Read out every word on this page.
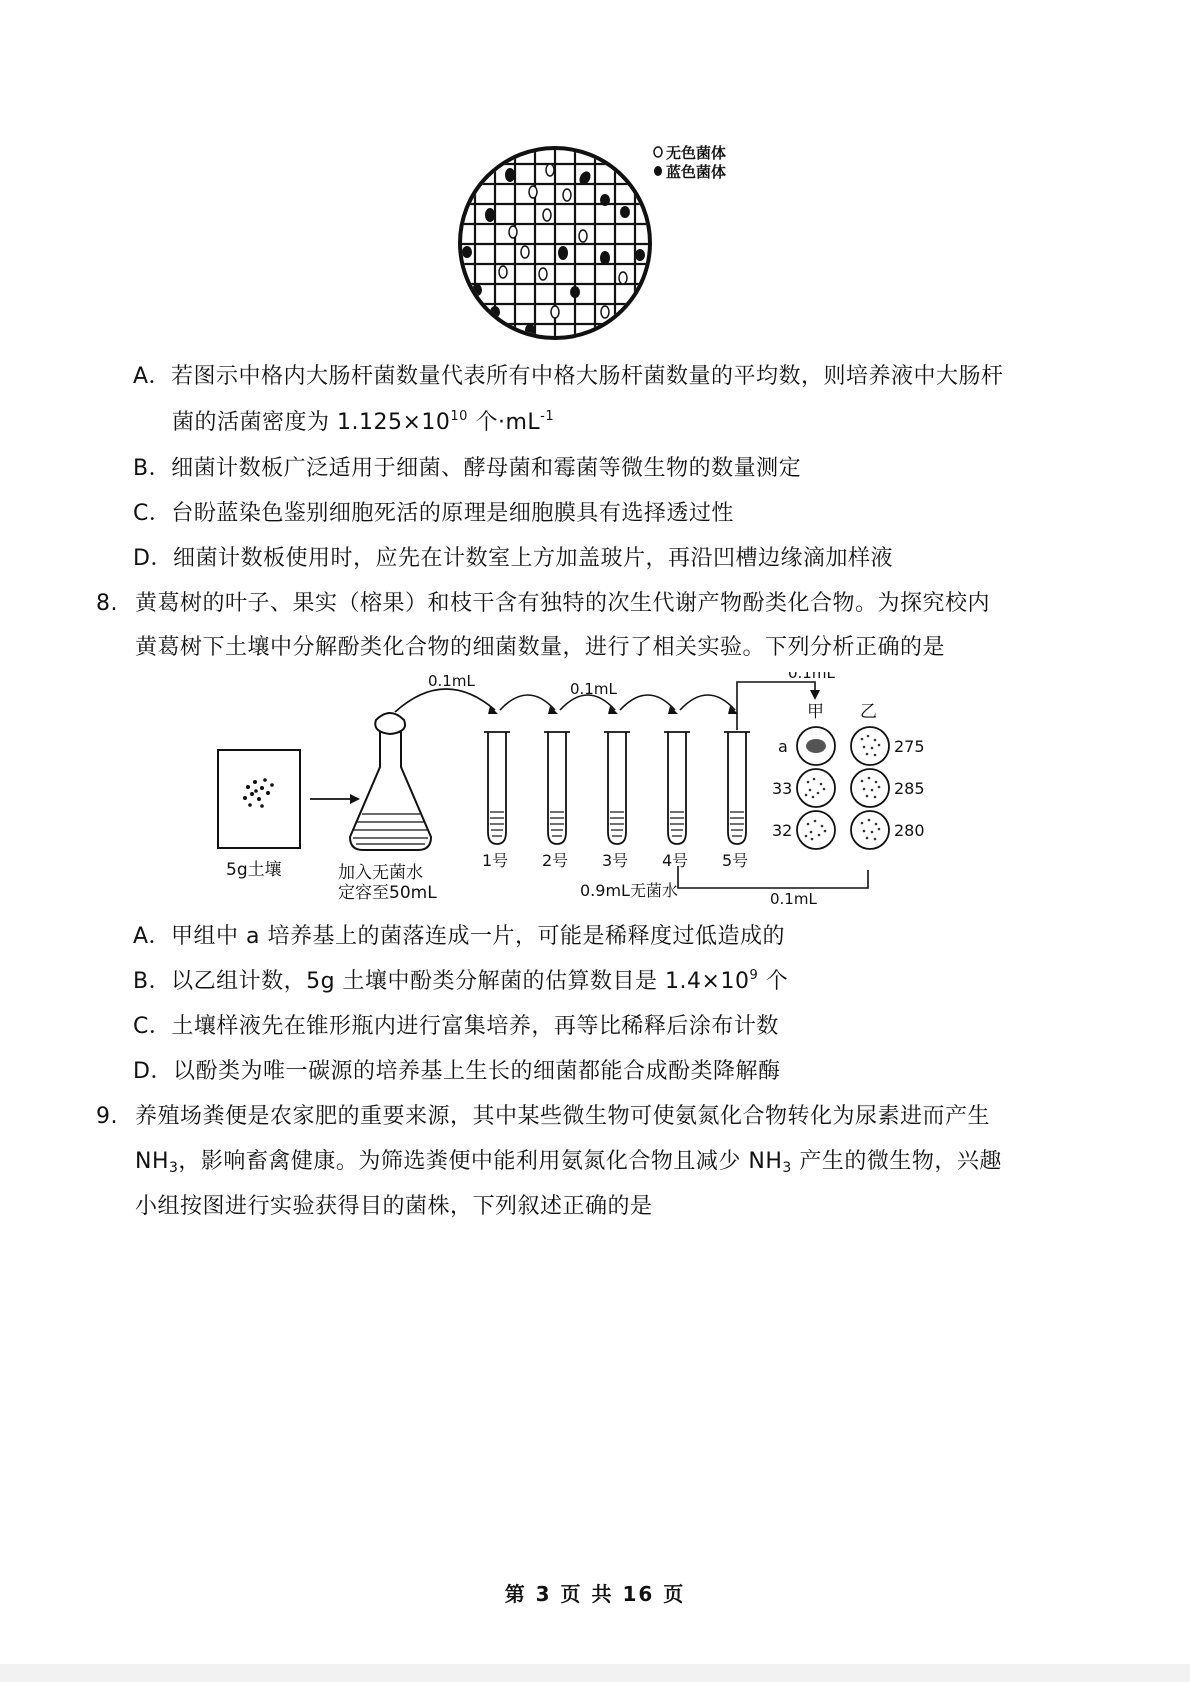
无色菌体
蓝色菌体
A．若图示中格内大肠杆菌数量代表所有中格大肠杆菌数量的平均数，则培养液中大肠杆
菌的活菌密度为 $1.125\times 10^{10}$ 个$\cdot mL^{-1}$
B．细菌计数板广泛适用于细菌、酵母菌和霉菌等微生物的数量测定
C．台盼蓝染色鉴别细胞死活的原理是细胞膜具有选择透过性
D．细菌计数板使用时，应先在计数室上方加盖玻片，再沿凹槽边缘滴加样液
8. 黄葛树的叶子、果实（榕果）和枝干含有独特的次生代谢产物酚类化合物。为探究校内
黄葛树下土壤中分解酚类化合物的细菌数量，进行了相关实验。下列分析正确的是
5g土壤	加入无菌水
定容至50mL
0.1mL	0.1mL
1号 2号 3号 4号 5号
0.9mL无菌水
0.1mL
0.1mL
甲 乙
a
33
32
275
285
280
A．甲组中 a 培养基上的菌落连成一片，可能是稀释度过低造成的
B．以乙组计数，5g 土壤中酚类分解菌的估算数目是 $1.4\times 10^9$ 个
C．土壤样液先在锥形瓶内进行富集培养，再等比稀释后涂布计数
D．以酚类为唯一碳源的培养基上生长的细菌都能合成酚类降解酶
9. 养殖场粪便是农家肥的重要来源，其中某些微生物可使氨氮化合物转化为尿素进而产生
$NH_3$，影响畜禽健康。为筛选粪便中能利用氨氮化合物且减少 $NH_3$ 产生的微生物，兴趣
小组按图进行实验获得目的菌株，下列叙述正确的是
第 3 页 共 16 页
